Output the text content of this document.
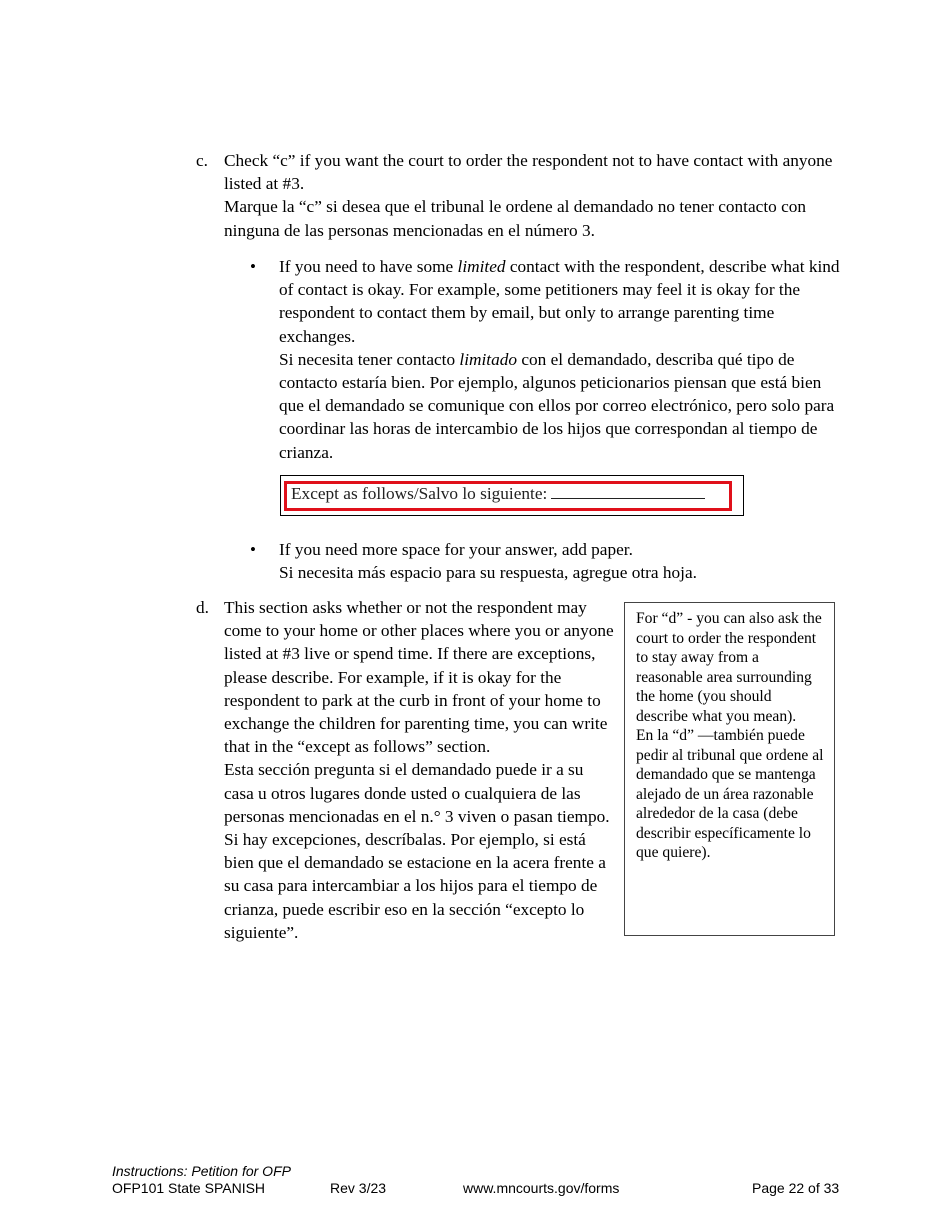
c. Check “c” if you want the court to order the respondent not to have contact with anyone listed at #3.

Marque la “c” si desea que el tribunal le ordene al demandado no tener contacto con ninguna de las personas mencionadas en el número 3.

• If you need to have some limited contact with the respondent, describe what kind of contact is okay. For example, some petitioners may feel it is okay for the respondent to contact them by email, but only to arrange parenting time exchanges.

Si necesita tener contacto limitado con el demandado, describa qué tipo de contacto estaría bien. Por ejemplo, algunos peticionarios piensan que está bien que el demandado se comunique con ellos por correo electrónico, pero solo para coordinar las horas de intercambio de los hijos que correspondan al tiempo de crianza.

Except as follows/Salvo lo siguiente:
• If you need more space for your answer, add paper.

Si necesita más espacio para su respuesta, agregue otra hoja.

d. This section asks whether or not the respondent may come to your home or other places where you or anyone listed at #3 live or spend time. If there are exceptions, please describe. For example, if it is okay for the respondent to park at the curb in front of your home to exchange the children for parenting time, you can write that in the “except as follows” section.

Esta sección pregunta si el demandado puede ir a su casa u otros lugares donde usted o cualquiera de las personas mencionadas en el n.° 3 viven o pasan tiempo. Si hay excepciones, descríbalas. Por ejemplo, si está bien que el demandado se estacione en la acera frente a su casa para intercambiar a los hijos para el tiempo de crianza, puede escribir eso en la sección “excepto lo siguiente”.

For “d” - you can also ask the court to order the respondent to stay away from a reasonable area surrounding the home (you should describe what you mean).

En la “d” —también puede pedir al tribunal que ordene al demandado que se mantenga alejado de un área razonable alrededor de la casa (debe describir específicamente lo que quiere).

Instructions: Petition for OFP
OFP101 State SPANISH	Rev 3/23	www.mncourts.gov/forms	Page 22 of 33
